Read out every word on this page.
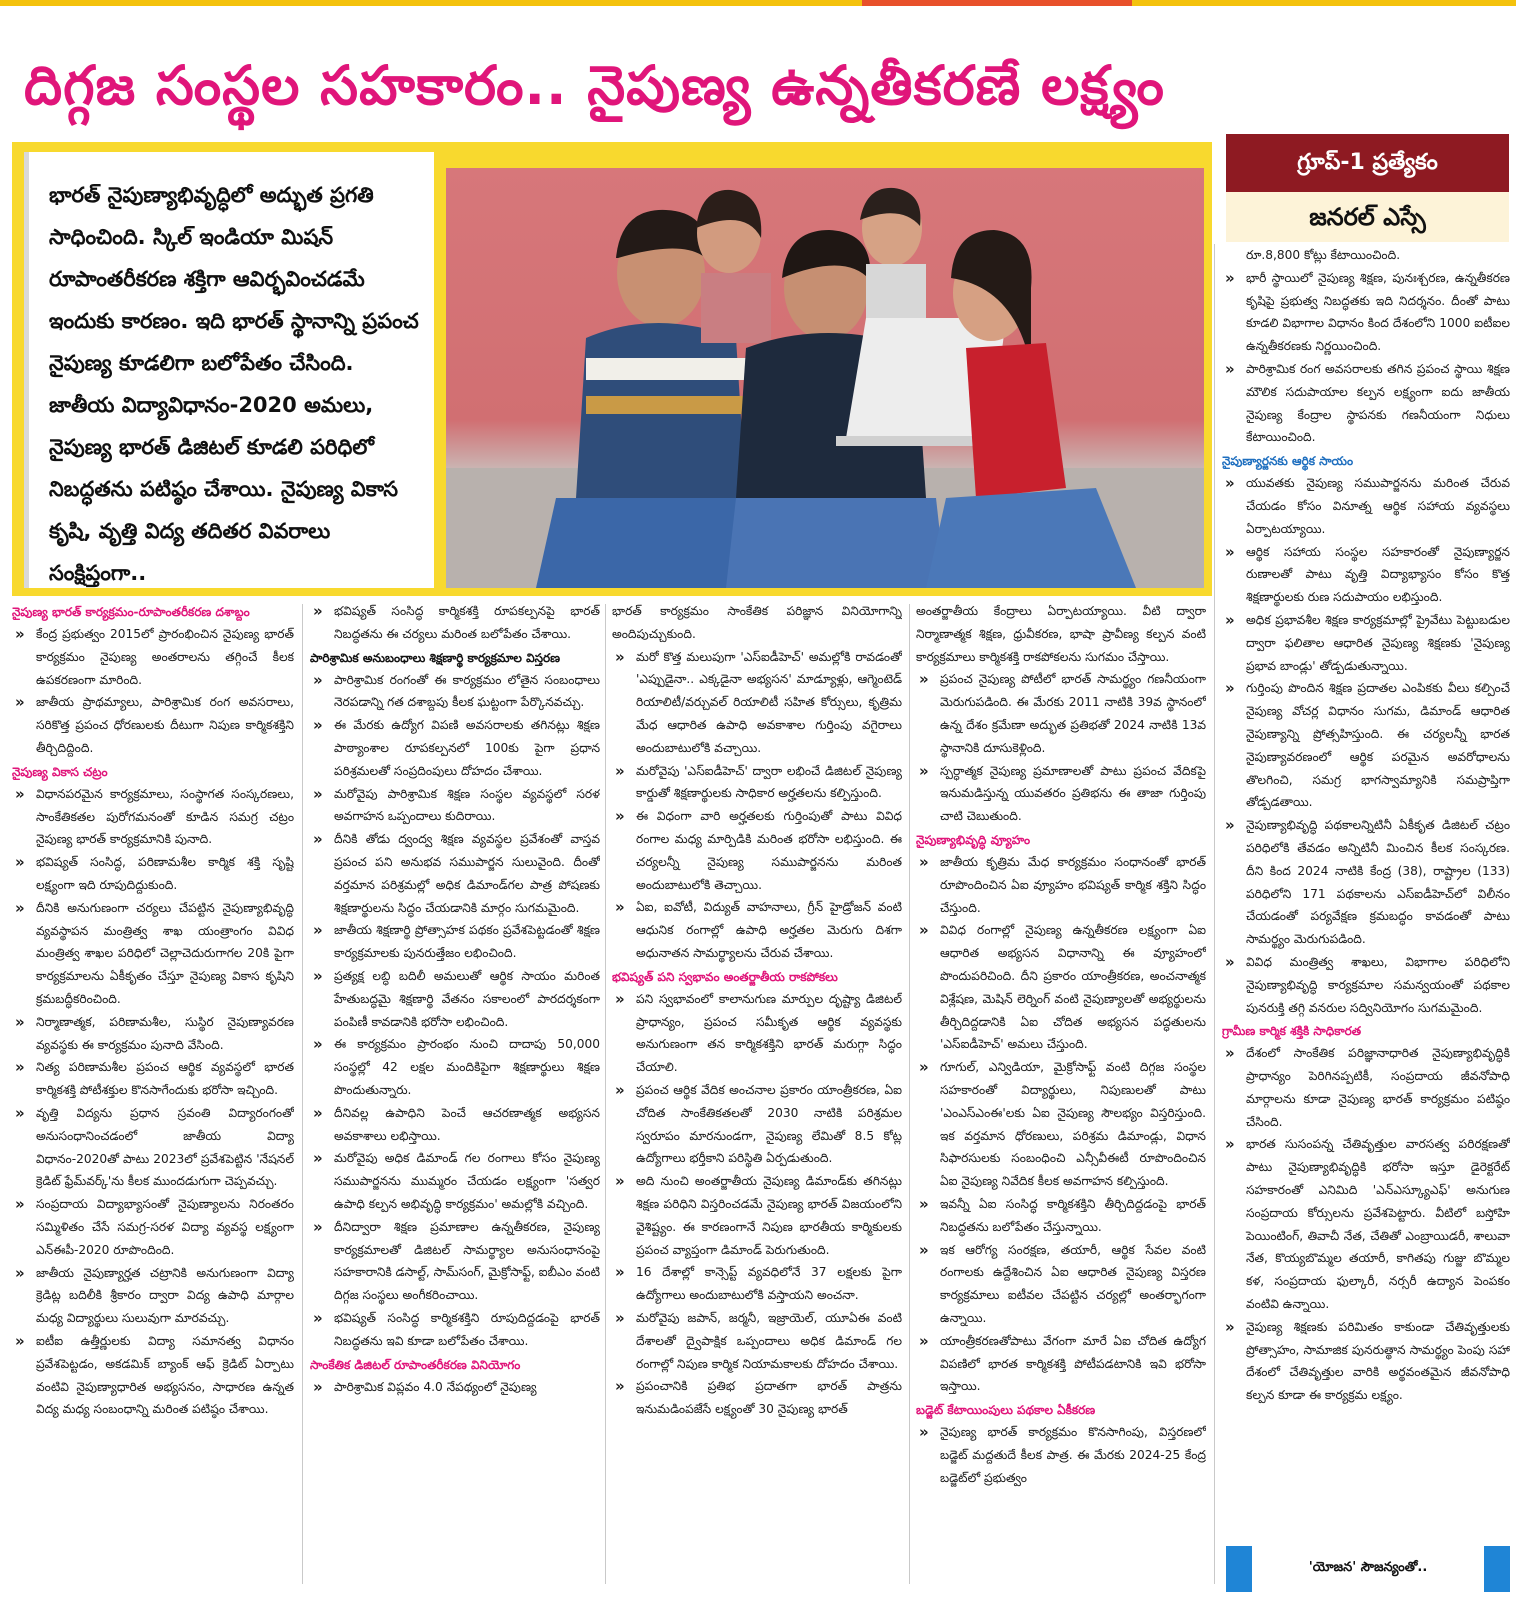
దిగ్గజ సంస్థల సహకారం.. నైపుణ్య ఉన్నతీకరణే లక్ష్యం
భారత్ నైపుణ్యాభివృద్ధిలో అద్భుత ప్రగతి సాధించింది. స్కిల్ ఇండియా మిషన్ రూపాంతరీకరణ శక్తిగా ఆవిర్భవించడమే ఇందుకు కారణం. ఇది భారత్ స్థానాన్ని ప్రపంచ నైపుణ్య కూడలిగా బలోపేతం చేసింది. జాతీయ విద్యావిధానం-2020 అమలు, నైపుణ్య భారత్ డిజిటల్ కూడలి పరిధిలో నిబద్ధతను పటిష్ఠం చేశాయి. నైపుణ్య వికాస కృషి, వృత్తి విద్య తదితర వివరాలు సంక్షిప్తంగా..
గ్రూప్-1 ప్రత్యేకం
జనరల్ ఎస్సే
నైపుణ్య భారత్ కార్యక్రమం-రూపాంతరీకరణ దశాబ్దం
» కేంద్ర ప్రభుత్వం 2015లో ప్రారంభించిన నైపుణ్య భారత్ కార్యక్రమం నైపుణ్య అంతరాలను తగ్గించే కీలక ఉపకరణంగా మారింది.
» జాతీయ ప్రాథమ్యాలు, పారిశ్రామిక రంగ అవసరాలు, సరికొత్త ప్రపంచ ధోరణులకు దీటుగా నిపుణ కార్మికశక్తిని తీర్చిదిద్దింది.
నైపుణ్య వికాస చట్రం
» విధానపరమైన కార్యక్రమాలు, సంస్థాగత సంస్కరణలు, సాంకేతికతల పురోగమనంతో కూడిన సమగ్ర చట్రం నైపుణ్య భారత్ కార్యక్రమానికి పునాది.
» భవిష్యత్ సంసిద్ధ, పరిణామశీల కార్మిక శక్తి సృష్టి లక్ష్యంగా ఇది రూపుదిద్దుకుంది.
» దీనికి అనుగుణంగా చర్యలు చేపట్టిన నైపుణ్యాభివృద్ధి వ్యవస్థాపన మంత్రిత్వ శాఖ యంత్రాంగం వివిధ మంత్రిత్వ శాఖల పరిధిలో చెల్లాచెదురుగాగల 20కి పైగా కార్యక్రమాలను ఏకీకృతం చేస్తూ నైపుణ్య వికాస కృషిని క్రమబద్ధీకరించింది.
» నిర్మాణాత్మక, పరిణామశీల, సుస్థిర నైపుణ్యావరణ వ్యవస్థకు ఈ కార్యక్రమం పునాది వేసింది.
» నిత్య పరిణామశీల ప్రపంచ ఆర్థిక వ్యవస్థలో భారత కార్మికశక్తి పోటీశక్తుల కొనసాగేందుకు భరోసా ఇచ్చింది.
» వృత్తి విద్యను ప్రధాన స్రవంతి విద్యారంగంతో అనుసంధానించడంలో జాతీయ విద్యా విధానం-2020తో పాటు 2023లో ప్రవేశపెట్టిన 'నేషనల్ క్రెడిట్ ఫ్రేమ్‌వర్క్'ను కీలక ముందడుగుగా చెప్పవచ్చు.
» సంప్రదాయ విద్యాభ్యాసంతో నైపుణ్యాలను నిరంతరం సమ్మిళితం చేసే సమగ్ర-సరళ విద్యా వ్యవస్థ లక్ష్యంగా ఎన్ఈపీ-2020 రూపొందింది.
» జాతీయ నైపుణ్యార్హత చట్రానికి అనుగుణంగా విద్యా క్రెడిట్ల బదిలీకి శ్రీకారం ద్వారా విద్య ఉపాధి మార్గాల మధ్య విద్యార్థులు సులువుగా మారవచ్చు.
» ఐటీఐ ఉత్తీర్ణులకు విద్యా సమానత్వ విధానం ప్రవేశపెట్టడం, అకడమిక్ బ్యాంక్ ఆఫ్ క్రెడిట్ ఏర్పాటు వంటివి నైపుణ్యాధారిత అభ్యసనం, సాధారణ ఉన్నత విద్య మధ్య సంబంధాన్ని మరింత పటిష్ఠం చేశాయి.
» భవిష్యత్ సంసిద్ధ కార్మికశక్తి రూపకల్పనపై భారత్ నిబద్ధతను ఈ చర్యలు మరింత బలోపేతం చేశాయి.
పారిశ్రామిక అనుబంధాలు శిక్షణార్థి కార్యక్రమాల విస్తరణ
» పారిశ్రామిక రంగంతో ఈ కార్యక్రమం లోతైన సంబంధాలు నెరపడాన్ని గత దశాబ్దపు కీలక ఘట్టంగా పేర్కొనవచ్చు.
» ఈ మేరకు ఉద్యోగ విపణి అవసరాలకు తగినట్లు శిక్షణ పాఠ్యాంశాల రూపకల్పనలో 100కు పైగా ప్రధాన పరిశ్రమలతో సంప్రదింపులు దోహదం చేశాయి.
» మరోవైపు పారిశ్రామిక శిక్షణ సంస్థల వ్యవస్థలో సరళ అవగాహన ఒప్పందాలు కుదిరాయి.
» దీనికి తోడు ద్వంద్వ శిక్షణ వ్యవస్థల ప్రవేశంతో వాస్తవ ప్రపంచ పని అనుభవ సముపార్జన సులువైంది. దీంతో వర్తమాన పరిశ్రమల్లో అధిక డిమాండ్‌గల పాత్ర పోషణకు శిక్షణార్థులను సిద్ధం చేయడానికి మార్గం సుగమమైంది.
» జాతీయ శిక్షణార్థి ప్రోత్సాహక పథకం ప్రవేశపెట్టడంతో శిక్షణ కార్యక్రమాలకు పునరుత్తేజం లభించింది.
» ప్రత్యక్ష లబ్ధి బదిలీ అమలుతో ఆర్థిక సాయం మరింత హేతుబద్ధమై శిక్షణార్థి వేతనం సకాలంలో పారదర్శకంగా పంపిణీ కావడానికి భరోసా లభించింది.
» ఈ కార్యక్రమం ప్రారంభం నుంచి దాదాపు 50,000 సంస్థల్లో 42 లక్షల మందికిపైగా శిక్షణార్థులు శిక్షణ పొందుతున్నారు.
» దీనివల్ల ఉపాధిని పెంచే ఆచరణాత్మక అభ్యసన అవకాశాలు లభిస్తాయి.
» మరోవైపు అధిక డిమాండ్ గల రంగాలు కోసం నైపుణ్య సముపార్జనను ముమ్మరం చేయడం లక్ష్యంగా 'సత్వర ఉపాధి కల్పన అభివృద్ధి కార్యక్రమం' అమల్లోకి వచ్చింది.
» దీనిద్వారా శిక్షణ ప్రమాణాల ఉన్నతీకరణ, నైపుణ్య కార్యక్రమాలతో డిజిటల్ సామర్థ్యాల అనుసంధానంపై సహకారానికి డసాల్ట్, సామ్‌సంగ్, మైక్రోసాఫ్ట్, ఐబీఎం వంటి దిగ్గజ సంస్థలు అంగీకరించాయి.
» భవిష్యత్ సంసిద్ధ కార్మికశక్తిని రూపుదిద్దడంపై భారత్ నిబద్ధతను ఇవి కూడా బలోపేతం చేశాయి.
సాంకేతిక డిజిటల్ రూపాంతరీకరణ వినియోగం
» పారిశ్రామిక విప్లవం 4.0 నేపథ్యంలో నైపుణ్య
భారత్ కార్యక్రమం సాంకేతిక పరిజ్ఞాన వినియోగాన్ని అందిపుచ్చుకుంది.
» మరో కొత్త మలుపుగా 'ఎస్ఐడీహెచ్' అమల్లోకి రావడంతో 'ఎప్పుడైనా.. ఎక్కడైనా అభ్యసన' మాడ్యూళ్లు, ఆగ్మెంటెడ్ రియాలిటీ/వర్చువల్ రియాలిటీ సహిత కోర్సులు, కృత్రిమ మేధ ఆధారిత ఉపాధి అవకాశాల గుర్తింపు వగైరాలు అందుబాటులోకి వచ్చాయి.
» మరోవైపు 'ఎస్ఐడీహెచ్' ద్వారా లభించే డిజిటల్ నైపుణ్య కార్డుతో శిక్షణార్థులకు సాధికార అర్హతలను కల్పిస్తుంది.
» ఈ విధంగా వారి అర్హతలకు గుర్తింపుతో పాటు వివిధ రంగాల మధ్య మార్పిడికి మరింత భరోసా లభిస్తుంది. ఈ చర్యలన్నీ నైపుణ్య సముపార్జనను మరింత అందుబాటులోకి తెచ్చాయి.
» ఏఐ, ఐవోటీ, విద్యుత్ వాహనాలు, గ్రీన్ హైడ్రోజన్ వంటి ఆధునిక రంగాల్లో ఉపాధి అర్హతల మెరుగు దిశగా అధునాతన సామర్థ్యాలను చేరువ చేశాయి.
భవిష్యత్ పని స్వభావం అంతర్జాతీయ రాకపోకలు
» పని స్వభావంలో కాలానుగుణ మార్పుల దృష్ట్యా డిజిటల్ ప్రాధాన్యం, ప్రపంచ సమీకృత ఆర్థిక వ్యవస్థకు అనుగుణంగా తన కార్మికశక్తిని భారత్ మరుగ్గా సిద్ధం చేయాలి.
» ప్రపంచ ఆర్థిక వేదిక అంచనాల ప్రకారం యాంత్రీకరణ, ఏఐ చోదిత సాంకేతికతలతో 2030 నాటికి పరిశ్రమల స్వరూపం మారనుండగా, నైపుణ్య లేమితో 8.5 కోట్ల ఉద్యోగాలు భర్తీకాని పరిస్థితి ఏర్పడుతుంది.
» అది నుంచి అంతర్జాతీయ నైపుణ్య డిమాండ్‌కు తగినట్లు శిక్షణ పరిధిని విస్తరించడమే నైపుణ్య భారత్ విజయంలోని వైశిష్ట్యం. ఈ కారణంగానే నిపుణ భారతీయ కార్మికులకు ప్రపంచ వ్యాప్తంగా డిమాండ్ పెరుగుతుంది.
» 16 దేశాల్లో కాన్సెప్ట్ వ్యవధిలోనే 37 లక్షలకు పైగా ఉద్యోగాలు అందుబాటులోకి వస్తాయని అంచనా.
» మరోవైపు జపాన్, జర్మనీ, ఇజ్రాయెల్, యూఏఈ వంటి దేశాలతో ద్వైపాక్షిక ఒప్పందాలు అధిక డిమాండ్ గల రంగాల్లో నిపుణ కార్మిక నియామకాలకు దోహదం చేశాయి.
» ప్రపంచానికి ప్రతిభ ప్రదాతగా భారత్ పాత్రను ఇనుమడింపజేసే లక్ష్యంతో 30 నైపుణ్య భారత్
అంతర్జాతీయ కేంద్రాలు ఏర్పాటయ్యాయి. వీటి ద్వారా నిర్మాణాత్మక శిక్షణ, ధ్రువీకరణ, భాషా ప్రావీణ్య కల్పన వంటి కార్యక్రమాలు కార్మికశక్తి రాకపోకలను సుగమం చేస్తాయి.
» ప్రపంచ నైపుణ్య పోటీలో భారత్ సామర్థ్యం గణనీయంగా మెరుగుపడింది. ఈ మేరకు 2011 నాటికి 39వ స్థానంలో ఉన్న దేశం క్రమేణా అద్భుత ప్రతిభతో 2024 నాటికి 13వ స్థానానికి దూసుకెళ్లింది.
» స్పర్ధాత్మక నైపుణ్య ప్రమాణాలతో పాటు ప్రపంచ వేదికపై ఇనుమడిస్తున్న యువతరం ప్రతిభను ఈ తాజా గుర్తింపు చాటి చెబుతుంది.
నైపుణ్యాభివృద్ధి వ్యూహం
» జాతీయ కృత్రిమ మేధ కార్యక్రమం సంధానంతో భారత్ రూపొందించిన ఏఐ వ్యూహం భవిష్యత్ కార్మిక శక్తిని సిద్ధం చేస్తుంది.
» వివిధ రంగాల్లో నైపుణ్య ఉన్నతీకరణ లక్ష్యంగా ఏఐ ఆధారిత అభ్యసన విధానాన్ని ఈ వ్యూహంలో పొందుపరిచింది. దీని ప్రకారం యాంత్రీకరణ, అంచనాత్మక విశ్లేషణ, మెషిన్ లెర్నింగ్ వంటి నైపుణ్యాలతో అభ్యర్థులను తీర్చిదిద్దడానికి ఏఐ చోదిత అభ్యసన పద్ధతులను 'ఎస్ఐడీహెచ్' అమలు చేస్తుంది.
» గూగుల్, ఎన్విడియా, మైక్రోసాఫ్ట్ వంటి దిగ్గజ సంస్థల సహకారంతో విద్యార్థులు, నిపుణులతో పాటు 'ఎంఎస్ఎంఈ'లకు ఏఐ నైపుణ్య సౌలభ్యం విస్తరిస్తుంది. ఇక వర్తమాన ధోరణులు, పరిశ్రమ డిమాండ్లు, విధాన సిఫారసులకు సంబంధించి ఎన్సీవీఈటీ రూపొందించిన ఏఐ నైపుణ్య నివేదిక కీలక అవగాహన కల్పిస్తుంది.
» ఇవన్నీ ఏఐ సంసిద్ధ కార్మికశక్తిని తీర్చిదిద్దడంపై భారత్ నిబద్ధతను బలోపేతం చేస్తున్నాయి.
» ఇక ఆరోగ్య సంరక్షణ, తయారీ, ఆర్థిక సేవల వంటి రంగాలకు ఉద్దేశించిన ఏఐ ఆధారిత నైపుణ్య విస్తరణ కార్యక్రమాలు ఐటీవల చేపట్టిన చర్యల్లో అంతర్భాగంగా ఉన్నాయి.
» యాంత్రీకరణతోపాటు వేగంగా మారే ఏఐ చోదిత ఉద్యోగ విపణిలో భారత కార్మికశక్తి పోటీపడటానికి ఇవి భరోసా ఇస్తాయి.
బడ్జెట్ కేటాయింపులు పథకాల ఏకీకరణ
» నైపుణ్య భారత్ కార్యక్రమం కొనసాగింపు, విస్తరణలో బడ్జెట్ మద్దతుదే కీలక పాత్ర. ఈ మేరకు 2024-25 కేంద్ర బడ్జెట్‌లో ప్రభుత్వం
రూ.8,800 కోట్లు కేటాయించింది.
» భారీ స్థాయిలో నైపుణ్య శిక్షణ, పునఃశ్చరణ, ఉన్నతీకరణ కృషిపై ప్రభుత్వ నిబద్ధతకు ఇది నిదర్శనం. దీంతో పాటు కూడలి విభాగాల విధానం కింద దేశంలోని 1000 ఐటీఐల ఉన్నతీకరణకు నిర్ణయించింది.
» పారిశ్రామిక రంగ అవసరాలకు తగిన ప్రపంచ స్థాయి శిక్షణ మౌలిక సదుపాయాల కల్పన లక్ష్యంగా ఐదు జాతీయ నైపుణ్య కేంద్రాల స్థాపనకు గణనీయంగా నిధులు కేటాయించింది.
నైపుణ్యార్జనకు ఆర్థిక సాయం
» యువతకు నైపుణ్య సముపార్జనను మరింత చేరువ చేయడం కోసం వినూత్న ఆర్థిక సహాయ వ్యవస్థలు ఏర్పాటయ్యాయి.
» ఆర్థిక సహాయ సంస్థల సహకారంతో నైపుణ్యార్జన రుణాలతో పాటు వృత్తి విద్యాభ్యాసం కోసం కొత్త శిక్షణార్థులకు రుణ సదుపాయం లభిస్తుంది.
» అధిక ప్రభావశీల శిక్షణ కార్యక్రమాల్లో ప్రైవేటు పెట్టుబడుల ద్వారా ఫలితాల ఆధారిత నైపుణ్య శిక్షణకు 'నైపుణ్య ప్రభావ బాండ్లు' తోడ్పడుతున్నాయి.
» గుర్తింపు పొందిన శిక్షణ ప్రదాతల ఎంపికకు వీలు కల్పించే నైపుణ్య వోచర్ల విధానం సుగమ, డిమాండ్ ఆధారిత నైపుణ్యాన్ని ప్రోత్సహిస్తుంది. ఈ చర్యలన్నీ భారత నైపుణ్యావరణంలో ఆర్థిక పరమైన అవరోధాలను తొలగించి, సమగ్ర భాగస్వామ్యానికి సమప్రాప్తిగా తోడ్పడతాయి.
» నైపుణ్యాభివృద్ధి పథకాలన్నిటినీ ఏకీకృత డిజిటల్ చట్రం పరిధిలోకి తేవడం అన్నిటినీ మించిన కీలక సంస్కరణ. దీని కింద 2024 నాటికి కేంద్ర (38), రాష్ట్రాల (133) పరిధిలోని 171 పథకాలను ఎస్ఐడీహెచ్‌లో విలీనం చేయడంతో పర్యవేక్షణ క్రమబద్ధం కావడంతో పాటు సామర్థ్యం మెరుగుపడింది.
» వివిధ మంత్రిత్వ శాఖలు, విభాగాల పరిధిలోని నైపుణ్యాభివృద్ధి కార్యక్రమాల సమన్వయంతో పథకాల పునరుక్తి తగ్గి వనరుల సద్వినియోగం సుగమమైంది.
గ్రామీణ కార్మిక శక్తికి సాధికారత
» దేశంలో సాంకేతిక పరిజ్ఞానాధారిత నైపుణ్యాభివృద్ధికి ప్రాధాన్యం పెరిగినప్పటికీ, సంప్రదాయ జీవనోపాధి మార్గాలను కూడా నైపుణ్య భారత్ కార్యక్రమం పటిష్ఠం చేసింది.
» భారత సుసంపన్న చేతివృత్తుల వారసత్వ పరిరక్షణతో పాటు నైపుణ్యాభివృద్ధికి భరోసా ఇస్తూ డైరెక్టరేట్ సహకారంతో ఎనిమిది 'ఎన్ఎస్క్యూఎఫ్' అనుగుణ సంప్రదాయ కోర్సులను ప్రవేశపెట్టారు. వీటిలో బస్తోహి పెయింటింగ్, తివాచీ నేత, చేతితో ఎంబ్రాయిడరీ, శాలువా నేత, కొయ్యబొమ్మల తయారీ, కాగితపు గుజ్జు బొమ్మల కళ, సంప్రదాయ ఫుల్కారీ, నర్సరీ ఉద్యాన పెంపకం వంటివి ఉన్నాయి.
» నైపుణ్య శిక్షణకు పరిమితం కాకుండా చేతివృత్తులకు ప్రోత్సాహం, సామాజిక పునరుత్థాన సామర్థ్యం పెంపు సహా దేశంలో చేతివృత్తుల వారికి అర్థవంతమైన జీవనోపాధి కల్పన కూడా ఈ కార్యక్రమ లక్ష్యం.
'యోజన' సౌజన్యంతో..
